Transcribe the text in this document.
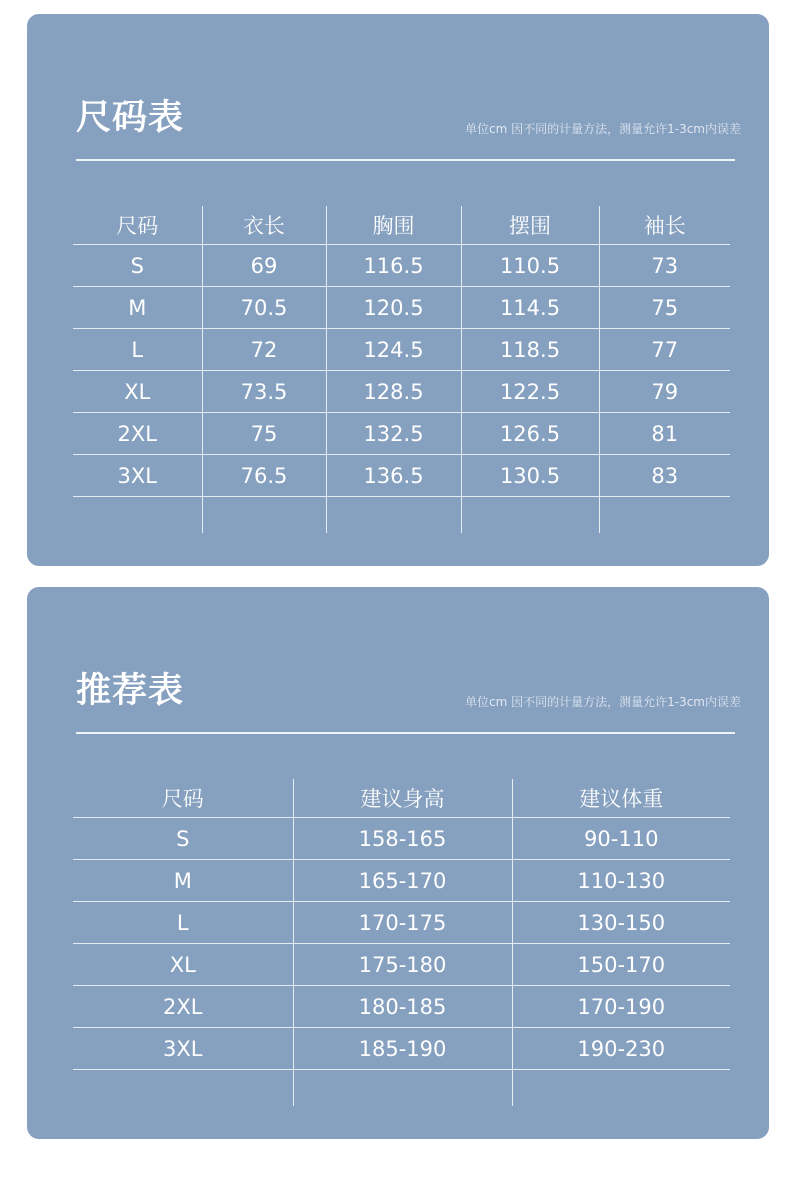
尺码表	单位cm 因不同的计量方法，测量允许1-3cm内误差
尺码	衣长	胸围	摆围	袖长
S	69	116.5	110.5	73
M	70.5	120.5	114.5	75
L	72	124.5	118.5	77
XL	73.5	128.5	122.5	79
2XL	75	132.5	126.5	81
3XL	76.5	136.5	130.5	83

推荐表	单位cm 因不同的计量方法，测量允许1-3cm内误差
尺码	建议身高	建议体重
S	158-165	90-110
M	165-170	110-130
L	170-175	130-150
XL	175-180	150-170
2XL	180-185	170-190
3XL	185-190	190-230
